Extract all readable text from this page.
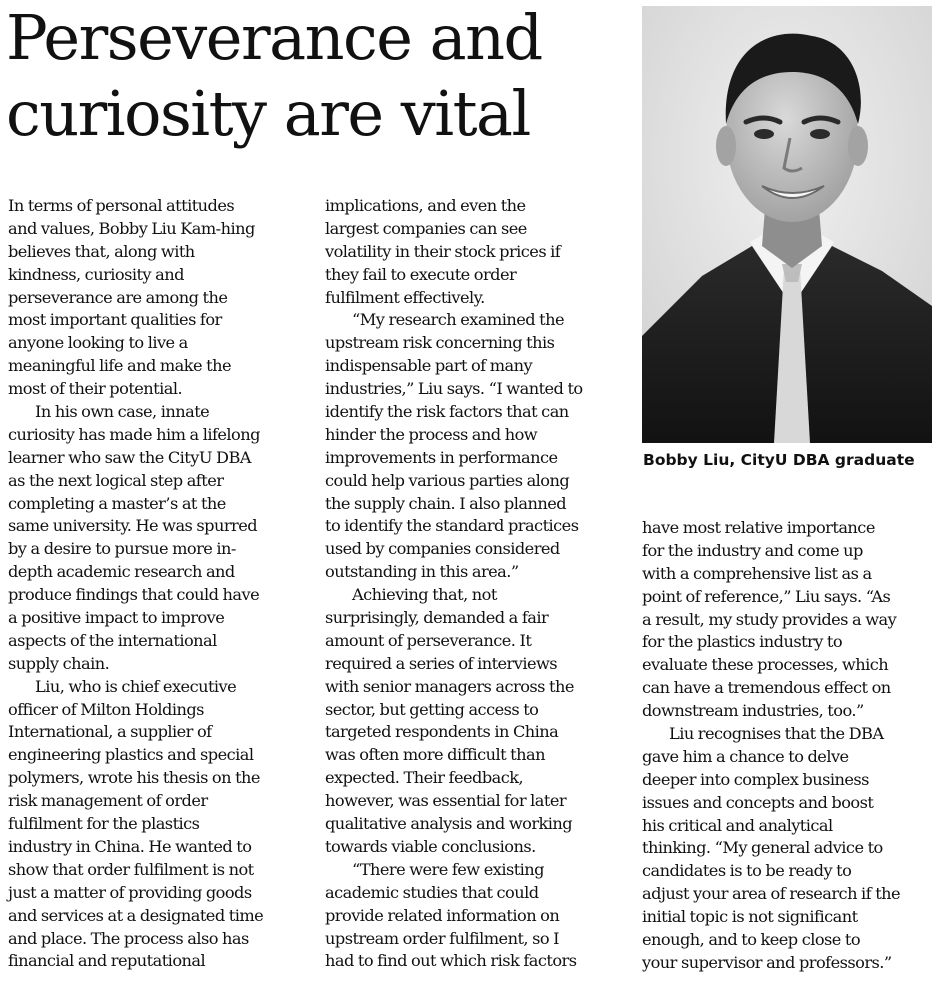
Perseverance and
curiosity are vital
Bobby Liu, CityU DBA graduate
In terms of personal attitudes
and values, Bobby Liu Kam-hing
believes that, along with
kindness, curiosity and
perseverance are among the
most important qualities for
anyone looking to live a
meaningful life and make the
most of their potential.
In his own case, innate
curiosity has made him a lifelong
learner who saw the CityU DBA
as the next logical step after
completing a master’s at the
same university. He was spurred
by a desire to pursue more in-
depth academic research and
produce findings that could have
a positive impact to improve
aspects of the international
supply chain.
Liu, who is chief executive
officer of Milton Holdings
International, a supplier of
engineering plastics and special
polymers, wrote his thesis on the
risk management of order
fulfilment for the plastics
industry in China. He wanted to
show that order fulfilment is not
just a matter of providing goods
and services at a designated time
and place. The process also has
financial and reputational
implications, and even the
largest companies can see
volatility in their stock prices if
they fail to execute order
fulfilment effectively.
“My research examined the
upstream risk concerning this
indispensable part of many
industries,” Liu says. “I wanted to
identify the risk factors that can
hinder the process and how
improvements in performance
could help various parties along
the supply chain. I also planned
to identify the standard practices
used by companies considered
outstanding in this area.”
Achieving that, not
surprisingly, demanded a fair
amount of perseverance. It
required a series of interviews
with senior managers across the
sector, but getting access to
targeted respondents in China
was often more difficult than
expected. Their feedback,
however, was essential for later
qualitative analysis and working
towards viable conclusions.
“There were few existing
academic studies that could
provide related information on
upstream order fulfilment, so I
had to find out which risk factors
have most relative importance
for the industry and come up
with a comprehensive list as a
point of reference,” Liu says. “As
a result, my study provides a way
for the plastics industry to
evaluate these processes, which
can have a tremendous effect on
downstream industries, too.”
Liu recognises that the DBA
gave him a chance to delve
deeper into complex business
issues and concepts and boost
his critical and analytical
thinking. “My general advice to
candidates is to be ready to
adjust your area of research if the
initial topic is not significant
enough, and to keep close to
your supervisor and professors.”
